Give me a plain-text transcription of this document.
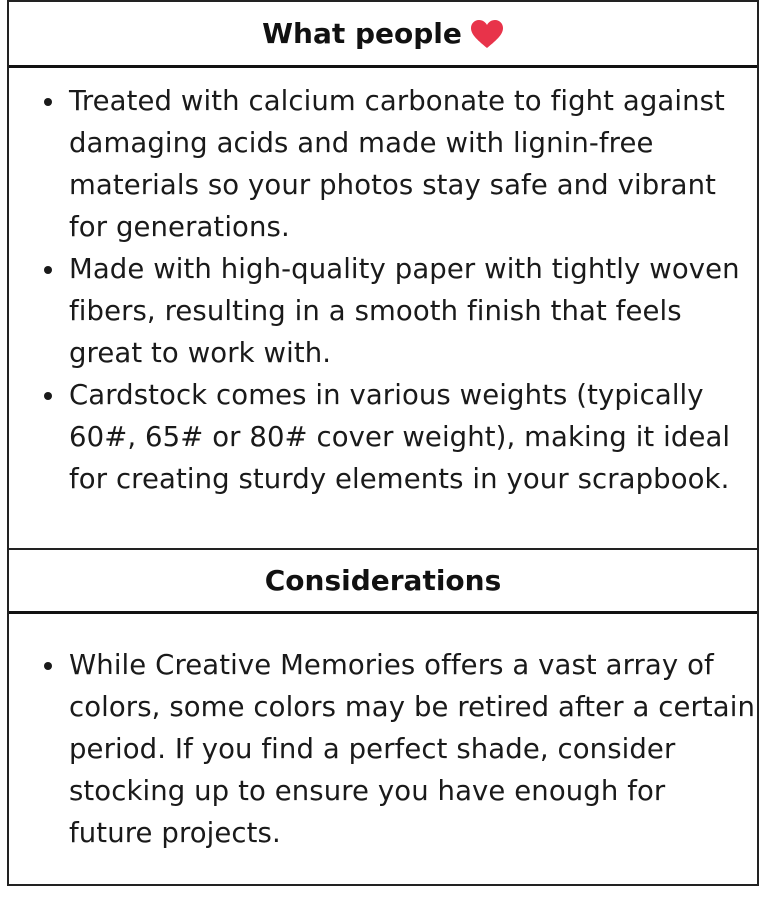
What people
Treated with calcium carbonate to fight against damaging acids and made with lignin-free materials so your photos stay safe and vibrant for generations.
Made with high-quality paper with tightly woven fibers, resulting in a smooth finish that feels great to work with.
Cardstock comes in various weights (typically 60#, 65# or 80# cover weight), making it ideal for creating sturdy elements in your scrapbook.
Considerations
While Creative Memories offers a vast array of colors, some colors may be retired after a certain period. If you find a perfect shade, consider stocking up to ensure you have enough for future projects.
